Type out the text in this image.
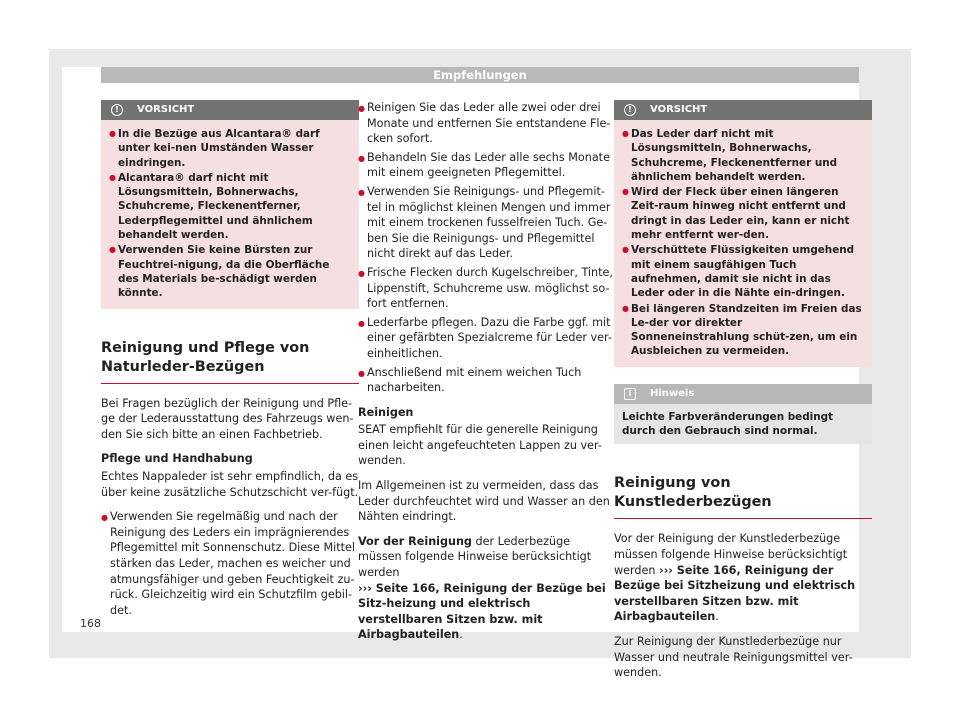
Empfehlungen
!	VORSICHT
● In die Bezüge aus Alcantara® darf unter kei-nen Umständen Wasser eindringen.
● Alcantara® darf nicht mit Lösungsmitteln, Bohnerwachs, Schuhcreme, Fleckenentferner, Lederpflegemittel und ähnlichem behandelt werden.
● Verwenden Sie keine Bürsten zur Feuchtrei-nigung, da die Oberfläche des Materials be-schädigt werden könnte.
Reinigung und Pflege von Naturleder-Bezügen

Bei Fragen bezüglich der Reinigung und Pfle-ge der Lederausstattung des Fahrzeugs wen-den Sie sich bitte an einen Fachbetrieb.

Pflege und Handhabung

Echtes Nappaleder ist sehr empfindlich, da es über keine zusätzliche Schutzschicht ver-fügt.

● Verwenden Sie regelmäßig und nach der Reinigung des Leders ein imprägnierendes Pflegemittel mit Sonnenschutz. Diese Mittel stärken das Leder, machen es weicher und atmungsfähiger und geben Feuchtigkeit zu-rück. Gleichzeitig wird ein Schutzfilm gebil-det.
● Reinigen Sie das Leder alle zwei oder drei Monate und entfernen Sie entstandene Fle-cken sofort.
● Behandeln Sie das Leder alle sechs Monate mit einem geeigneten Pflegemittel.
● Verwenden Sie Reinigungs- und Pflegemit-tel in möglichst kleinen Mengen und immer mit einem trockenen fusselfreien Tuch. Ge-ben Sie die Reinigungs- und Pflegemittel nicht direkt auf das Leder.
● Frische Flecken durch Kugelschreiber, Tinte, Lippenstift, Schuhcreme usw. möglichst so-fort entfernen.
● Lederfarbe pflegen. Dazu die Farbe ggf. mit einer gefärbten Spezialcreme für Leder ver-einheitlichen.
● Anschließend mit einem weichen Tuch nacharbeiten.

Reinigen

SEAT empfiehlt für die generelle Reinigung einen leicht angefeuchteten Lappen zu ver-wenden.

Im Allgemeinen ist zu vermeiden, dass das Leder durchfeuchtet wird und Wasser an den Nähten eindringt.

Vor der Reinigung der Lederbezüge müssen folgende Hinweise berücksichtigt werden
››› Seite 166, Reinigung der Bezüge bei Sitz-heizung und elektrisch verstellbaren Sitzen bzw. mit Airbagbauteilen.

!	VORSICHT
● Das Leder darf nicht mit Lösungsmitteln, Bohnerwachs, Schuhcreme, Fleckenentferner und ähnlichem behandelt werden.
● Wird der Fleck über einen längeren Zeit-raum hinweg nicht entfernt und dringt in das Leder ein, kann er nicht mehr entfernt wer-den.
● Verschüttete Flüssigkeiten umgehend mit einem saugfähigen Tuch aufnehmen, damit sie nicht in das Leder oder in die Nähte ein-dringen.
● Bei längeren Standzeiten im Freien das Le-der vor direkter Sonneneinstrahlung schüt-zen, um ein Ausbleichen zu vermeiden.
i	Hinweis
Leichte Farbveränderungen bedingt durch den Gebrauch sind normal.
Reinigung von Kunstlederbezügen

Vor der Reinigung der Kunstlederbezüge müssen folgende Hinweise berücksichtigt werden ››› Seite 166, Reinigung der Bezüge bei Sitzheizung und elektrisch verstellbaren Sitzen bzw. mit Airbagbauteilen.

Zur Reinigung der Kunstlederbezüge nur Wasser und neutrale Reinigungsmittel ver-wenden.

168
